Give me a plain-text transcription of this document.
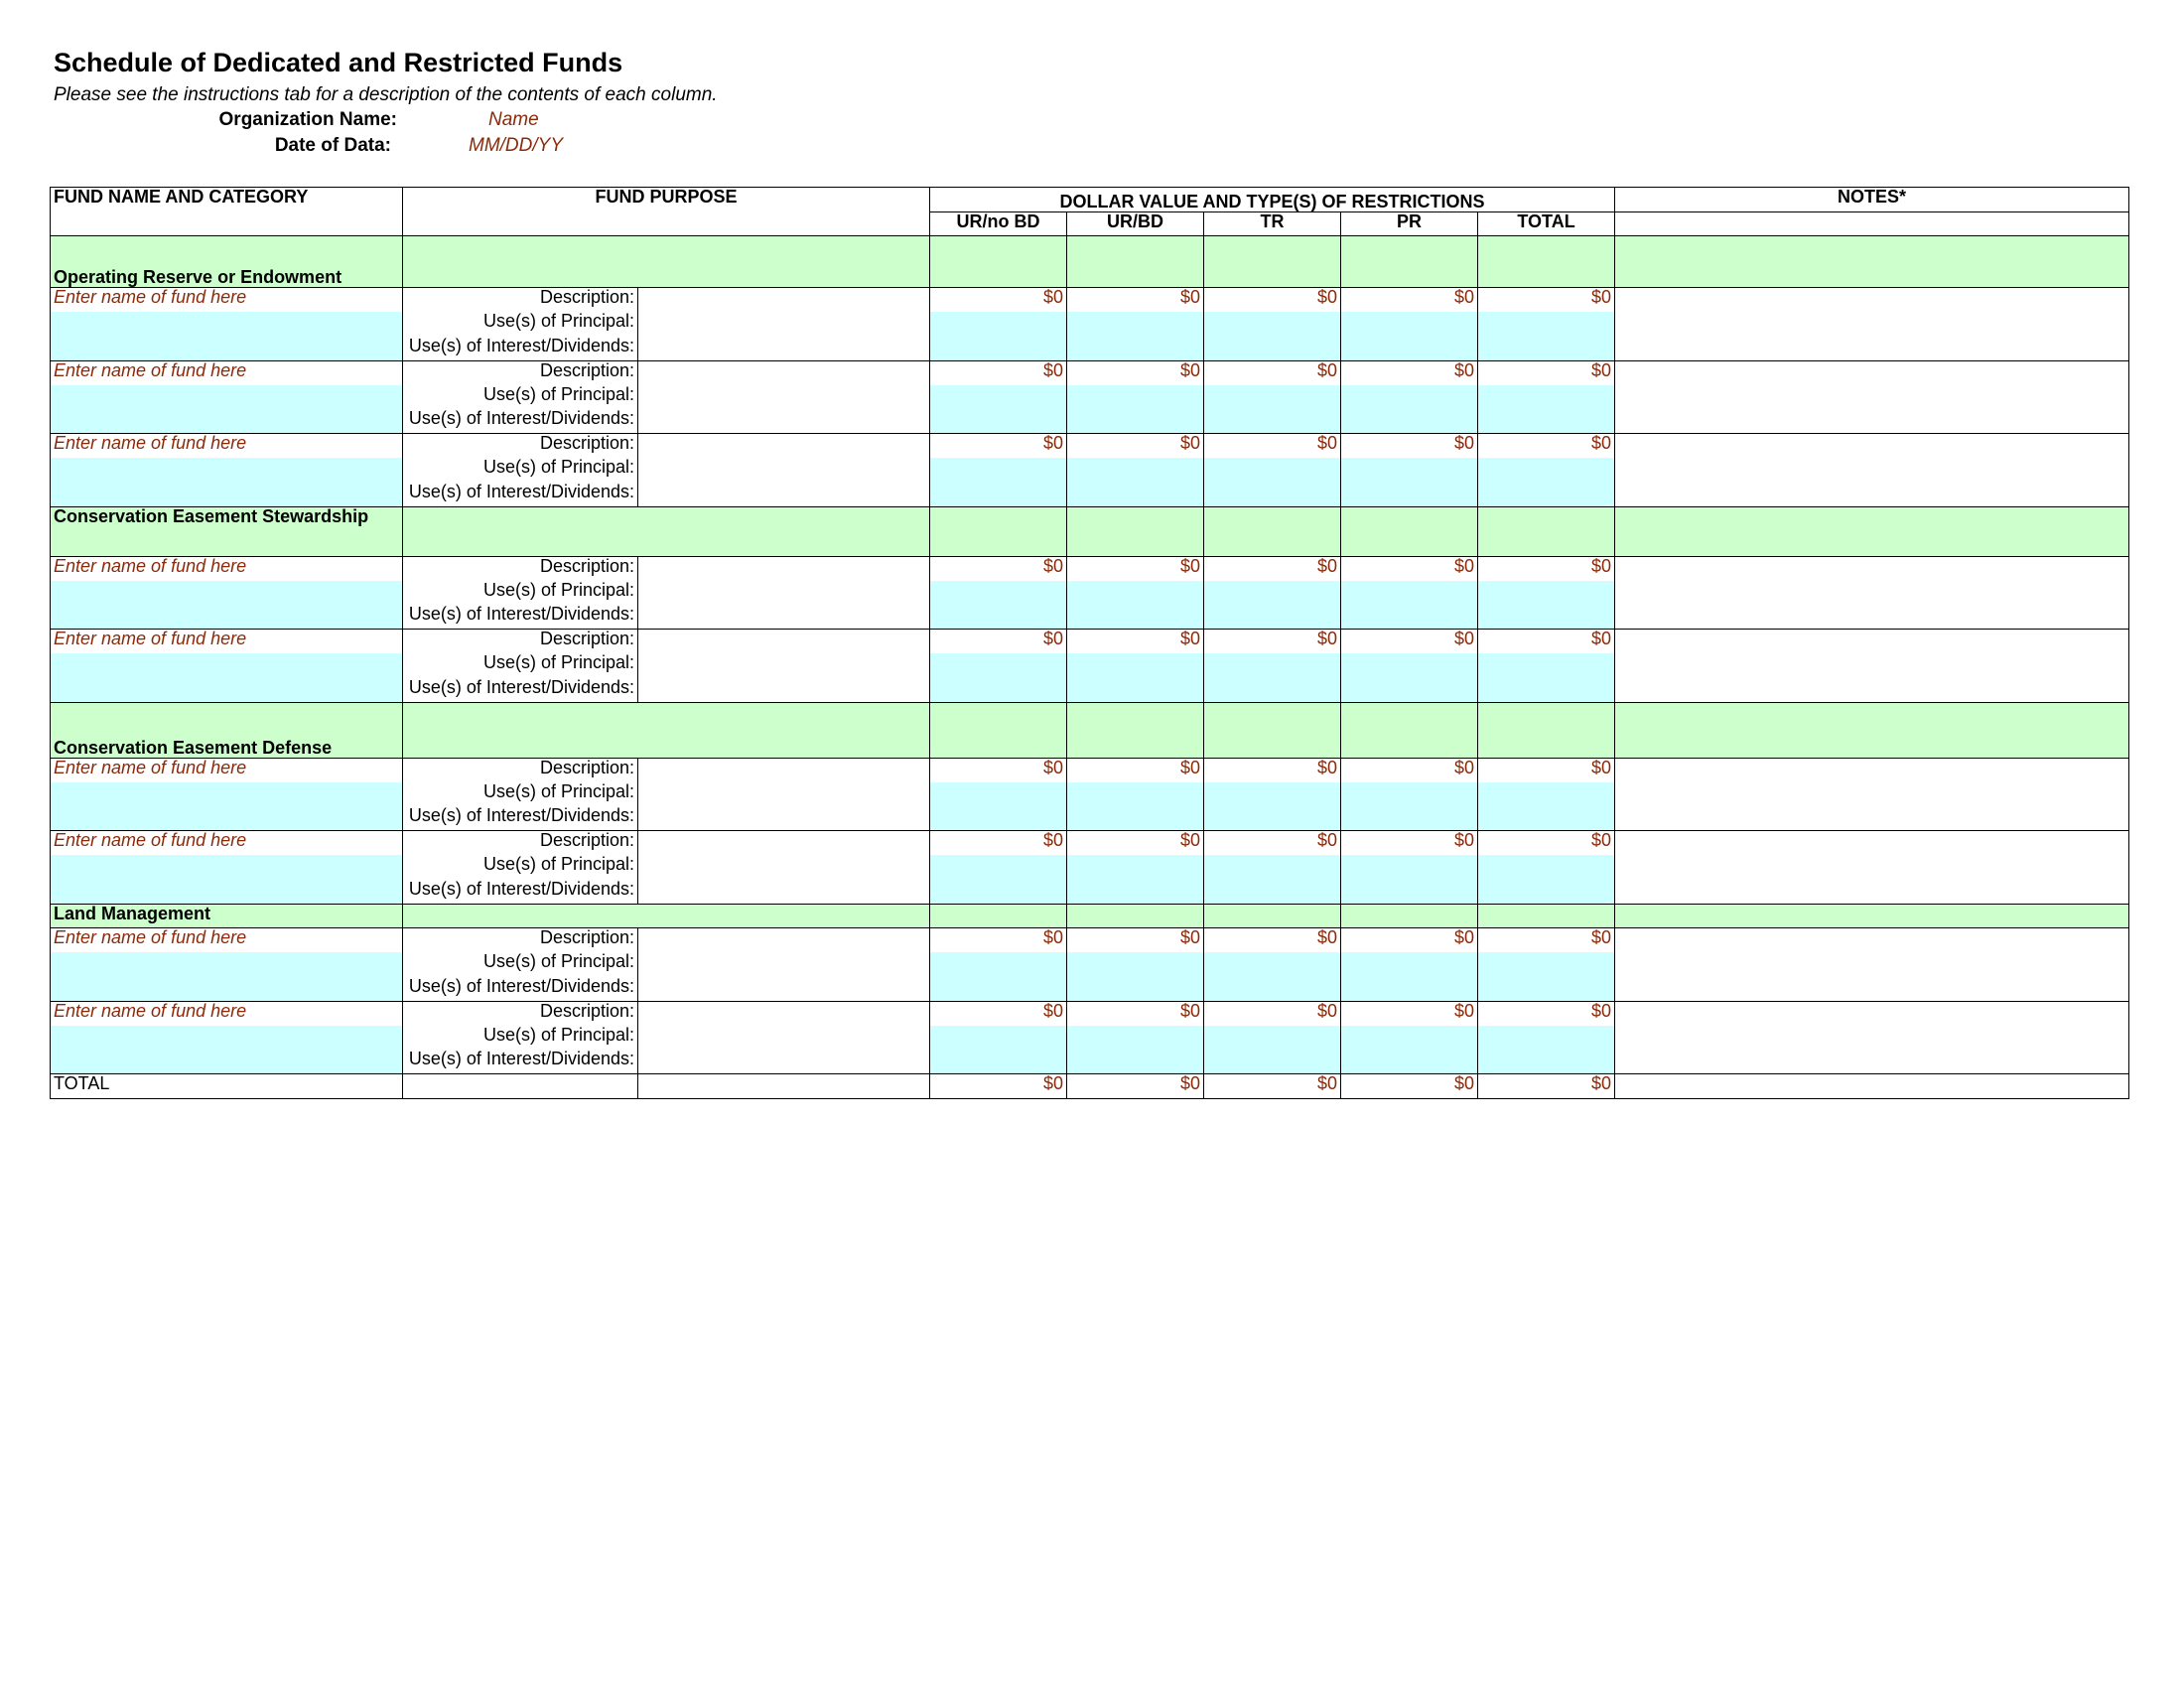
Schedule of Dedicated and Restricted Funds
Please see the instructions tab for a description of the contents of each column.
Organization Name:	Name
Date of Data:	MM/DD/YY
FUND NAME AND CATEGORY	FUND PURPOSE		DOLLAR VALUE AND TYPE(S) OF RESTRICTIONS					NOTES*
			UR/no BD	UR/BD	TR	PR	TOTAL	
Operating Reserve or Endowment								
Enter name of fund here	Description:		$0	$0	$0	$0	$0	
	Use(s) of Principal:							
	Use(s) of Interest/Dividends:							
Enter name of fund here	Description:		$0	$0	$0	$0	$0	
	Use(s) of Principal:							
	Use(s) of Interest/Dividends:							
Enter name of fund here	Description:		$0	$0	$0	$0	$0	
	Use(s) of Principal:							
	Use(s) of Interest/Dividends:							
Conservation Easement Stewardship								
Enter name of fund here	Description:		$0	$0	$0	$0	$0	
	Use(s) of Principal:							
	Use(s) of Interest/Dividends:							
Enter name of fund here	Description:		$0	$0	$0	$0	$0	
	Use(s) of Principal:							
	Use(s) of Interest/Dividends:							
Conservation Easement Defense								
Enter name of fund here	Description:		$0	$0	$0	$0	$0	
	Use(s) of Principal:							
	Use(s) of Interest/Dividends:							
Enter name of fund here	Description:		$0	$0	$0	$0	$0	
	Use(s) of Principal:							
	Use(s) of Interest/Dividends:							
Land Management								
Enter name of fund here	Description:		$0	$0	$0	$0	$0	
	Use(s) of Principal:							
	Use(s) of Interest/Dividends:							
Enter name of fund here	Description:		$0	$0	$0	$0	$0	
	Use(s) of Principal:							
	Use(s) of Interest/Dividends:							
TOTAL			$0	$0	$0	$0	$0	
